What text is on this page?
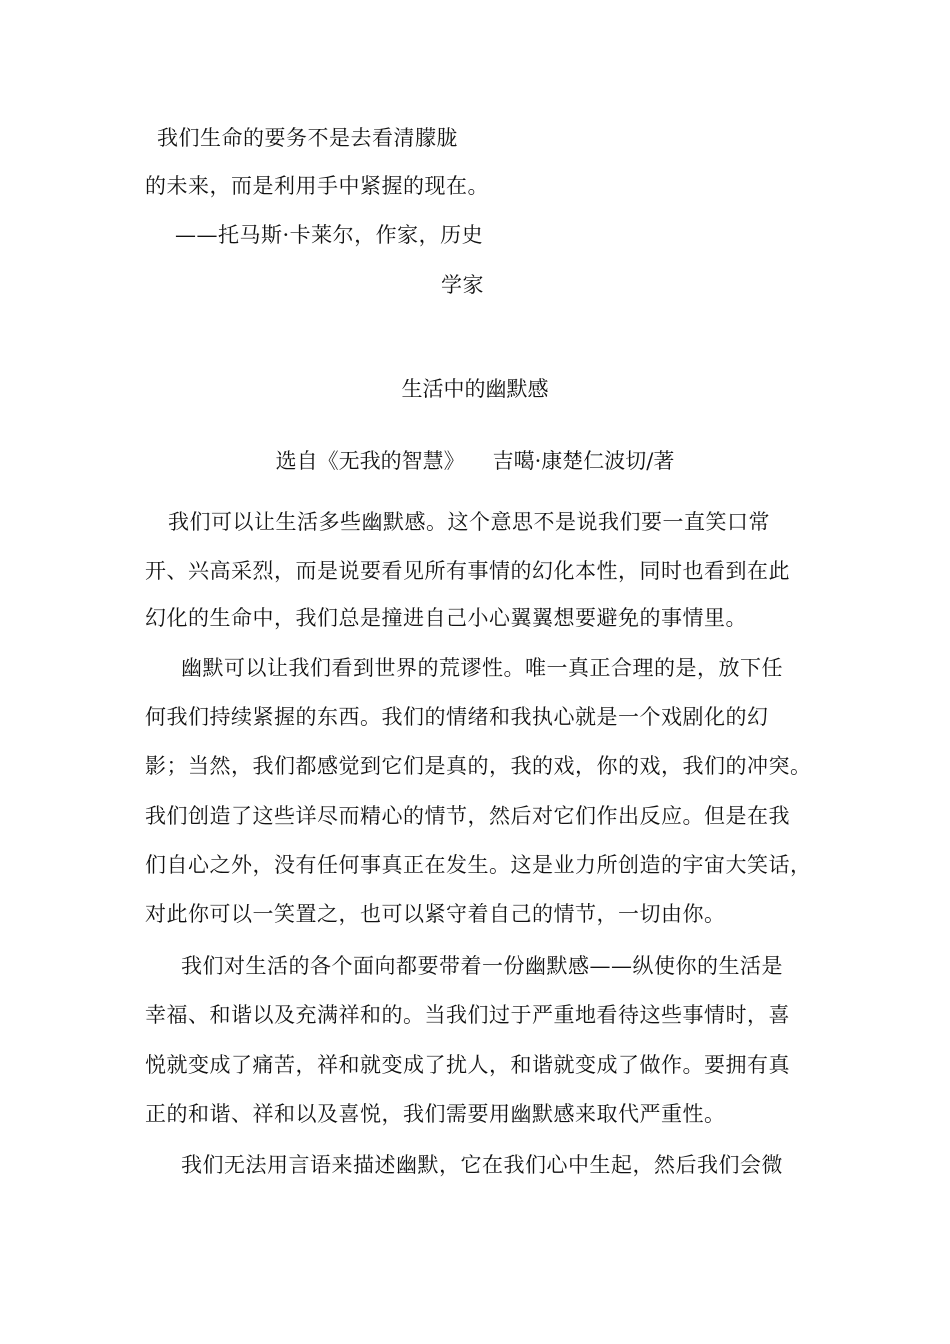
我们生命的要务不是去看清朦胧
的未来，而是利用手中紧握的现在。
——托马斯·卡莱尔，作家，历史
学家
生活中的幽默感
选自《无我的智慧》 吉噶·康楚仁波切/著
我们可以让生活多些幽默感。这个意思不是说我们要一直笑口常
开、兴高采烈，而是说要看见所有事情的幻化本性，同时也看到在此
幻化的生命中，我们总是撞进自己小心翼翼想要避免的事情里。
幽默可以让我们看到世界的荒谬性。唯一真正合理的是，放下任
何我们持续紧握的东西。我们的情绪和我执心就是一个戏剧化的幻
影；当然，我们都感觉到它们是真的，我的戏，你的戏，我们的冲突。
我们创造了这些详尽而精心的情节，然后对它们作出反应。但是在我
们自心之外，没有任何事真正在发生。这是业力所创造的宇宙大笑话，
对此你可以一笑置之，也可以紧守着自己的情节，一切由你。
我们对生活的各个面向都要带着一份幽默感——纵使你的生活是
幸福、和谐以及充满祥和的。当我们过于严重地看待这些事情时，喜
悦就变成了痛苦，祥和就变成了扰人，和谐就变成了做作。要拥有真
正的和谐、祥和以及喜悦，我们需要用幽默感来取代严重性。
我们无法用言语来描述幽默，它在我们心中生起，然后我们会微
